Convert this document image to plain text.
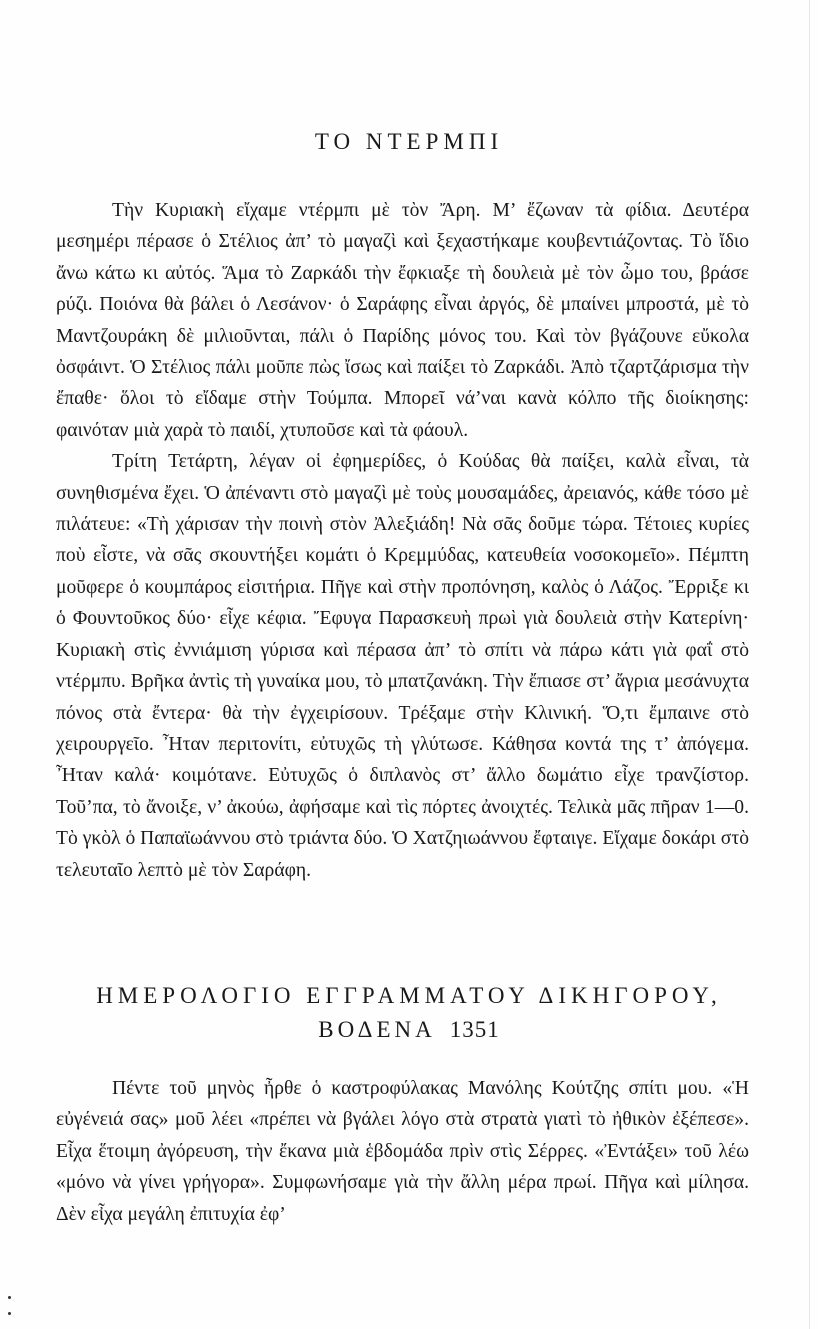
ΤΟ ΝΤΕΡΜΠΙ

Τὴν Κυριακὴ εἴχαμε ντέρμπι μὲ τὸν Ἄρη. Μ’ ἔζωναν τὰ φίδια. Δευτέρα μεσημέρι πέρασε ὁ Στέλιος ἀπ’ τὸ μαγαζὶ καὶ ξεχαστήκαμε κουβεντιάζοντας. Τὸ ἴδιο ἄνω κάτω κι αὐτός. Ἅμα τὸ Ζαρκάδι τὴν ἔφκιαξε τὴ δουλειὰ μὲ τὸν ὦμο του, βράσε ρύζι. Ποιόνα θὰ βάλει ὁ Λεσάνον· ὁ Σαράφης εἶναι ἀργός, δὲ μπαίνει μπροστά, μὲ τὸ Μαντζουράκη δὲ μιλιοῦνται, πάλι ὁ Παρίδης μόνος του. Καὶ τὸν βγάζουνε εὔκολα ὀσφάιντ. Ὁ Στέλιος πάλι μοῦπε πὼς ἴσως καὶ παίξει τὸ Ζαρκάδι. Ἀπὸ τζαρτζάρισμα τὴν ἔπαθε· ὅλοι τὸ εἴδαμε στὴν Τούμπα. Μπορεῖ νά’ναι κανὰ κόλπο τῆς διοίκησης: φαινόταν μιὰ χαρὰ τὸ παιδί, χτυποῦσε καὶ τὰ φάουλ.

Τρίτη Τετάρτη, λέγαν οἱ ἐφημερίδες, ὁ Κούδας θὰ παίξει, καλὰ εἶναι, τὰ συνηθισμένα ἔχει. Ὁ ἀπέναντι στὸ μαγαζὶ μὲ τοὺς μουσαμάδες, ἀρειανός, κάθε τόσο μὲ πιλάτευε: «Τὴ χάρισαν τὴν ποινὴ στὸν Ἀλεξιάδη! Νὰ σᾶς δοῦμε τώρα. Τέτοιες κυρίες ποὺ εἶστε, νὰ σᾶς σκουντήξει κομάτι ὁ Κρεμμύδας, κατευθεία νοσοκομεῖο». Πέμπτη μοῦφερε ὁ κουμπάρος εἰσιτήρια. Πῆγε καὶ στὴν προπόνηση, καλὸς ὁ Λάζος. Ἔρριξε κι ὁ Φουντοῦκος δύο· εἶχε κέφια. Ἔφυγα Παρασκευὴ πρωὶ γιὰ δουλειὰ στὴν Κατερίνη· Κυριακὴ στὶς ἐννιάμιση γύρισα καὶ πέρασα ἀπ’ τὸ σπίτι νὰ πάρω κάτι γιὰ φαΐ στὸ ντέρμπυ. Βρῆκα ἀντὶς τὴ γυναίκα μου, τὸ μπατζανάκη. Τὴν ἔπιασε στ’ ἄγρια μεσάνυχτα πόνος στὰ ἔντερα· θὰ τὴν ἐγχειρίσουν. Τρέξαμε στὴν Κλινική. Ὅ,τι ἔμπαινε στὸ χειρουργεῖο. Ἦταν περιτονίτι, εὐτυχῶς τὴ γλύτωσε. Κάθησα κοντά της τ’ ἀπόγεμα. Ἦταν καλά· κοιμότανε. Εὐτυχῶς ὁ διπλανὸς στ’ ἄλλο δωμάτιο εἶχε τρανζίστορ. Τοῦ’πα, τὸ ἄνοιξε, ν’ ἀκούω, ἀφήσαμε καὶ τὶς πόρτες ἀνοιχτές. Τελικὰ μᾶς πῆραν 1—0. Τὸ γκὸλ ὁ Παπαϊωάννου στὸ τριάντα δύο. Ὁ Χατζηιωάννου ἔφταιγε. Εἴχαμε δοκάρι στὸ τελευταῖο λεπτὸ μὲ τὸν Σαράφη.

ΗΜΕΡΟΛΟΓΙΟ ΕΓΓΡΑΜΜΑΤΟΥ ΔΙΚΗΓΟΡΟΥ,
ΒΟΔΕΝΑ 1351

Πέντε τοῦ μηνὸς ἦρθε ὁ καστροφύλακας Μανόλης Κούτζης σπίτι μου. «Ἡ εὐγένειά σας» μοῦ λέει «πρέπει νὰ βγάλει λόγο στὰ στρατὰ γιατὶ τὸ ἠθικὸν ἐξέπεσε». Εἶχα ἕτοιμη ἀγόρευση, τὴν ἔκανα μιὰ ἑβδομάδα πρὶν στὶς Σέρρες. «Ἐντάξει» τοῦ λέω «μόνο νὰ γίνει γρήγορα». Συμφωνήσαμε γιὰ τὴν ἄλλη μέρα πρωί. Πῆγα καὶ μίλησα. Δὲν εἶχα μεγάλη ἐπιτυχία ἐφ’
